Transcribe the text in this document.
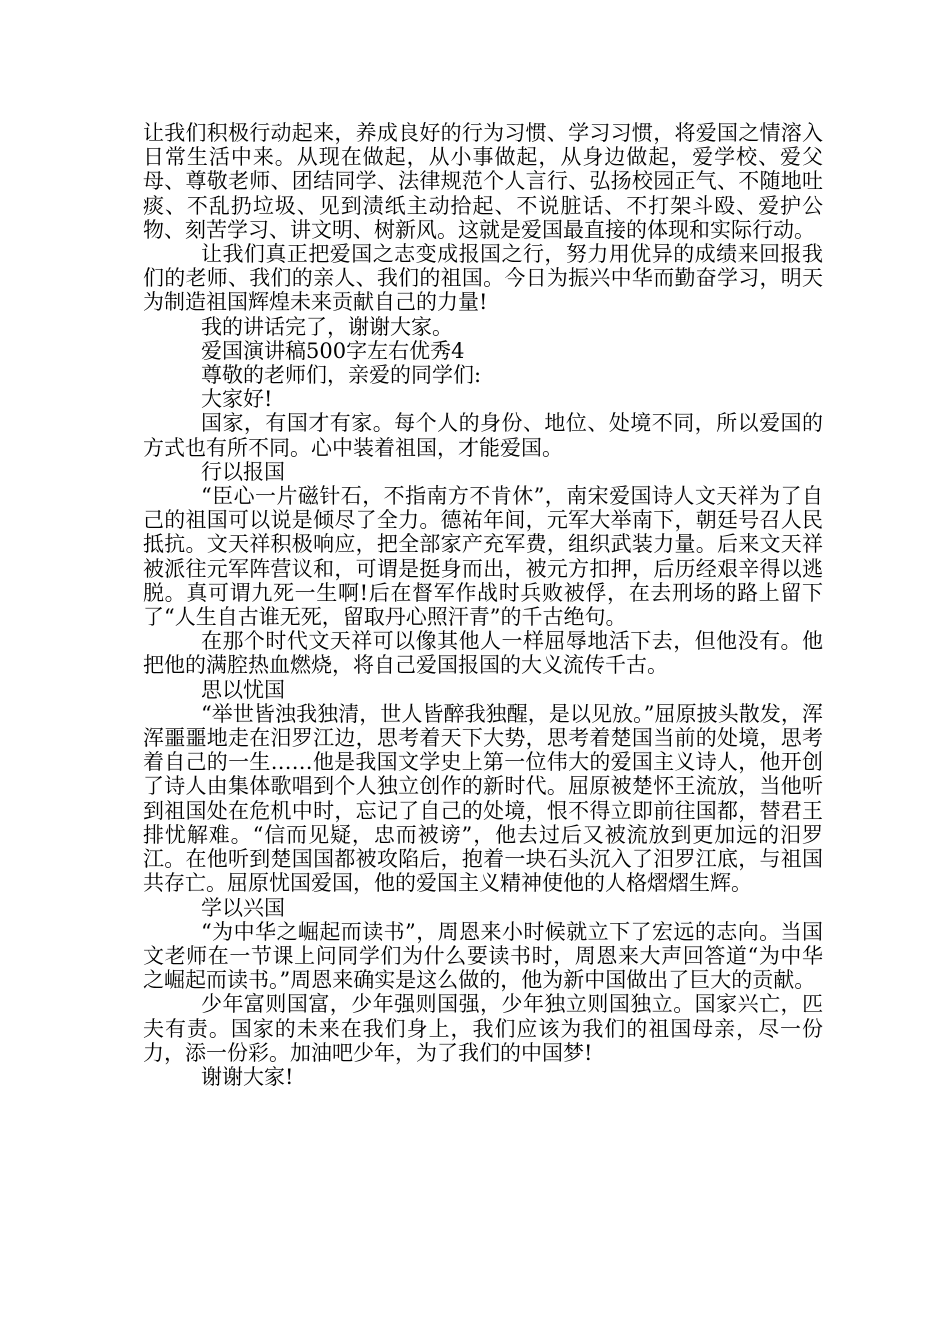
让我们积极行动起来，养成良好的行为习惯、学习习惯，将爱国之情溶入日常生活中来。从现在做起，从小事做起，从身边做起，爱学校、爱父母、尊敬老师、团结同学、法律规范个人言行、弘扬校园正气、不随地吐痰、不乱扔垃圾、见到渍纸主动拾起、不说脏话、不打架斗殴、爱护公物、刻苦学习、讲文明、树新风。这就是爱国最直接的体现和实际行动。

让我们真正把爱国之志变成报国之行，努力用优异的成绩来回报我们的老师、我们的亲人、我们的祖国。今日为振兴中华而勤奋学习，明天为制造祖国辉煌未来贡献自己的力量!

我的讲话完了，谢谢大家。

爱国演讲稿500字左右优秀4

尊敬的老师们，亲爱的同学们:

大家好!

国家，有国才有家。每个人的身份、地位、处境不同，所以爱国的方式也有所不同。心中装着祖国，才能爱国。

行以报国

“臣心一片磁针石，不指南方不肯休”，南宋爱国诗人文天祥为了自己的祖国可以说是倾尽了全力。德祐年间，元军大举南下，朝廷号召人民抵抗。文天祥积极响应，把全部家产充军费，组织武装力量。后来文天祥被派往元军阵营议和，可谓是挺身而出，被元方扣押，后历经艰辛得以逃脱。真可谓九死一生啊!后在督军作战时兵败被俘，在去刑场的路上留下了“人生自古谁无死，留取丹心照汗青”的千古绝句。

在那个时代文天祥可以像其他人一样屈辱地活下去，但他没有。他把他的满腔热血燃烧，将自己爱国报国的大义流传千古。

思以忧国

“举世皆浊我独清，世人皆醉我独醒，是以见放。”屈原披头散发，浑浑噩噩地走在汨罗江边，思考着天下大势，思考着楚国当前的处境，思考着自己的一生……他是我国文学史上第一位伟大的爱国主义诗人，他开创了诗人由集体歌唱到个人独立创作的新时代。屈原被楚怀王流放，当他听到祖国处在危机中时，忘记了自己的处境，恨不得立即前往国都，替君王排忧解难。“信而见疑，忠而被谤”，他去过后又被流放到更加远的汨罗江。在他听到楚国国都被攻陷后，抱着一块石头沉入了汨罗江底，与祖国共存亡。屈原忧国爱国，他的爱国主义精神使他的人格熠熠生辉。

学以兴国

“为中华之崛起而读书”，周恩来小时候就立下了宏远的志向。当国文老师在一节课上问同学们为什么要读书时，周恩来大声回答道“为中华之崛起而读书。”周恩来确实是这么做的，他为新中国做出了巨大的贡献。

少年富则国富，少年强则国强，少年独立则国独立。国家兴亡，匹夫有责。国家的未来在我们身上，我们应该为我们的祖国母亲，尽一份力，添一份彩。加油吧少年，为了我们的中国梦!

谢谢大家!
